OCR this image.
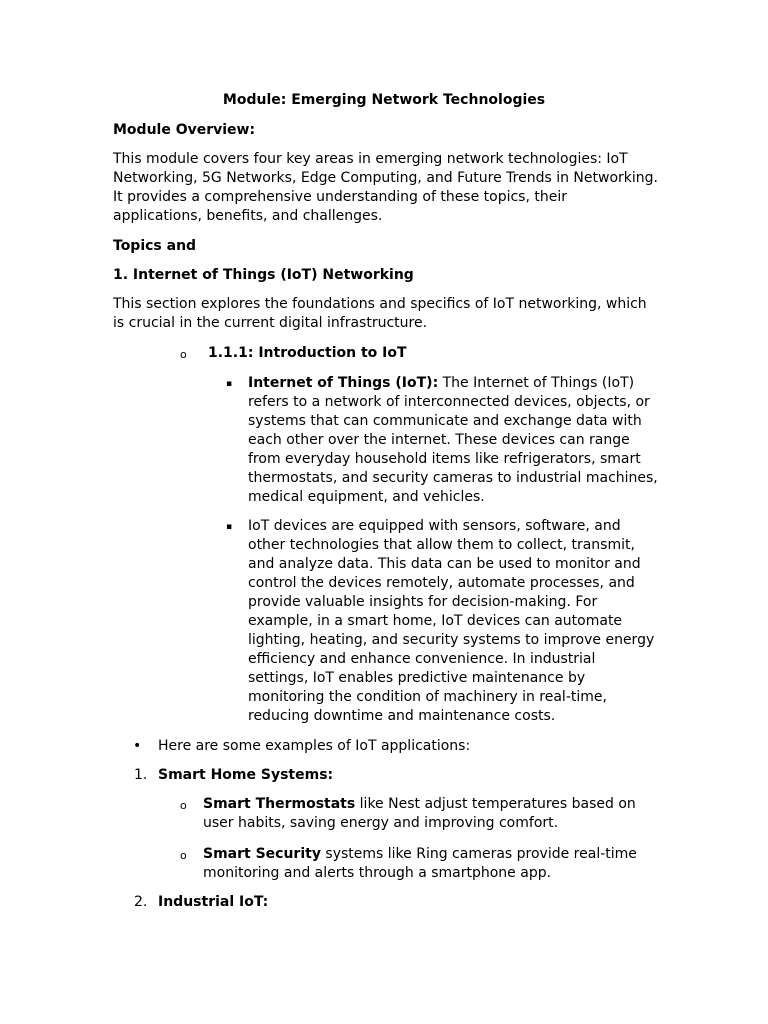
Module: Emerging Network Technologies

Module Overview:

This module covers four key areas in emerging network technologies: IoT Networking, 5G Networks, Edge Computing, and Future Trends in Networking. It provides a comprehensive understanding of these topics, their applications, benefits, and challenges.

Topics and

1. Internet of Things (IoT) Networking

This section explores the foundations and specifics of IoT networking, which is crucial in the current digital infrastructure.

o 1.1.1: Introduction to IoT
▪ Internet of Things (IoT): The Internet of Things (IoT) refers to a network of interconnected devices, objects, or systems that can communicate and exchange data with each other over the internet. These devices can range from everyday household items like refrigerators, smart thermostats, and security cameras to industrial machines, medical equipment, and vehicles.

▪ IoT devices are equipped with sensors, software, and other technologies that allow them to collect, transmit, and analyze data. This data can be used to monitor and control the devices remotely, automate processes, and provide valuable insights for decision-making. For example, in a smart home, IoT devices can automate lighting, heating, and security systems to improve energy efficiency and enhance convenience. In industrial settings, IoT enables predictive maintenance by monitoring the condition of machinery in real-time, reducing downtime and maintenance costs.

• Here are some examples of IoT applications:
1. Smart Home Systems:
o Smart Thermostats like Nest adjust temperatures based on user habits, saving energy and improving comfort.

o Smart Security systems like Ring cameras provide real-time monitoring and alerts through a smartphone app.

2. Industrial IoT:
